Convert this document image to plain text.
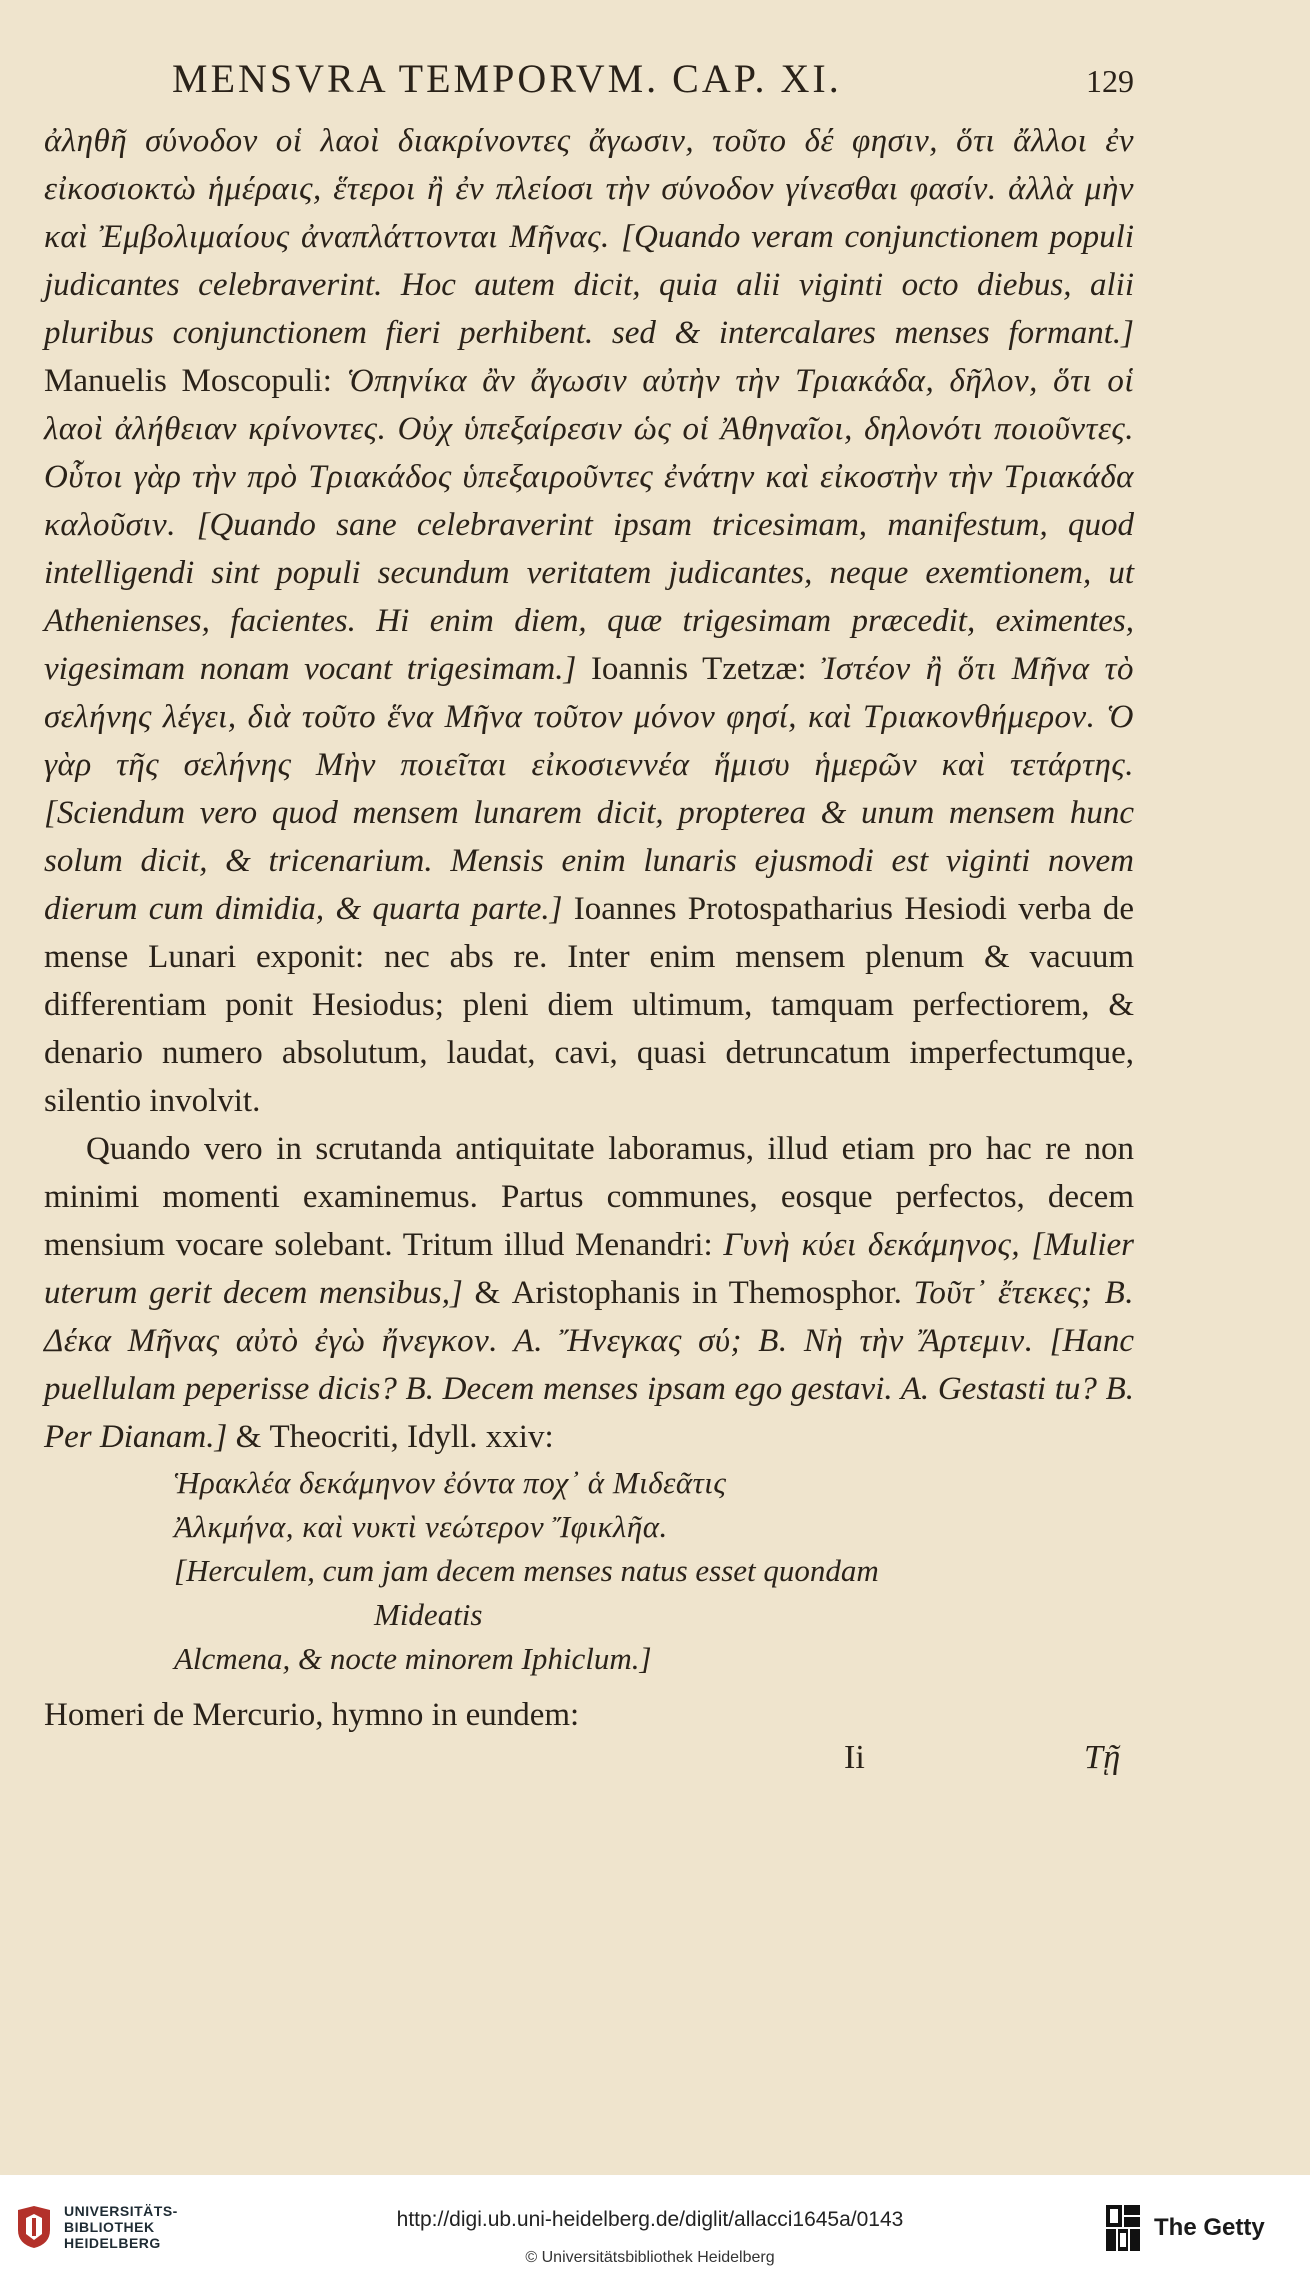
MENSVRA TEMPORVM. CAP. XI.	129

ἀληθῆ σύνοδον οἱ λαοὶ διακρίνοντες ἄγωσιν, τοῦτο δέ φησιν, ὅτι ἄλλοι ἐν εἰκοσιοκτὼ ἡμέραις, ἕτεροι ἢ ἐν πλείοσι τὴν σύνοδον γίνεσθαι φασίν. ἀλλὰ μὴν καὶ Ἐμβολιμαίους ἀναπλάττονται Μῆνας. [Quando veram conjunctionem populi judicantes celebraverint. Hoc autem dicit, quia alii viginti octo diebus, alii pluribus conjunctionem fieri perhibent. sed & intercalares menses formant.] Manuelis Moscopuli: Ὁπηνίκα ἂν ἄγωσιν αὐτὴν τὴν Τριακάδα, δῆλον, ὅτι οἱ λαοὶ ἀλήθειαν κρίνοντες. Οὐχ ὑπεξαίρεσιν ὡς οἱ Ἀθηναῖοι, δηλονότι ποιοῦντες. Οὗτοι γὰρ τὴν πρὸ Τριακάδος ὑπεξαιροῦντες ἐνάτην καὶ εἰκοστὴν τὴν Τριακάδα καλοῦσιν. [Quando sane celebraverint ipsam tricesimam, manifestum, quod intelligendi sint populi secundum veritatem judicantes, neque exemtionem, ut Athenienses, facientes. Hi enim diem, quæ trigesimam præcedit, eximentes, vigesimam nonam vocant trigesimam.] Ioannis Tzetzæ: Ἰστέον ἢ ὅτι Μῆνα τὸ σελήνης λέγει, διὰ τοῦτο ἕνα Μῆνα τοῦτον μόνον φησί, καὶ Τριακονθήμερον. Ὁ γὰρ τῆς σελήνης Μὴν ποιεῖται εἰκοσιεννέα ἥμισυ ἡμερῶν καὶ τετάρτης. [Sciendum vero quod mensem lunarem dicit, propterea & unum mensem hunc solum dicit, & tricenarium. Mensis enim lunaris ejusmodi est viginti novem dierum cum dimidia, & quarta parte.] Ioannes Protospatharius Hesiodi verba de mense Lunari exponit: nec abs re. Inter enim mensem plenum & vacuum differentiam ponit Hesiodus; pleni diem ultimum, tamquam perfectiorem, & denario numero absolutum, laudat, cavi, quasi detruncatum imperfectumque, silentio involvit.

Quando vero in scrutanda antiquitate laboramus, illud etiam pro hac re non minimi momenti examinemus. Partus communes, eosque perfectos, decem mensium vocare solebant. Tritum illud Menandri: Γυνὴ κύει δεκάμηνος, [Mulier uterum gerit decem mensibus,] & Aristophanis in Themosphor. Τοῦτ᾽ ἔτεκες; Β. Δέκα Μῆνας αὐτὸ ἐγὼ ἤνεγκον. Α. Ἤνεγκας σύ; Β. Νὴ τὴν Ἄρτεμιν. [Hanc puellulam peperisse dicis? B. Decem menses ipsam ego gestavi. A. Gestasti tu? B. Per Dianam.] & Theocriti, Idyll. xxiv:

Ἡρακλέα δεκάμηνον ἐόντα ποχ᾽ ἁ Μιδεᾶτις
Ἀλκμήνα, καὶ νυκτὶ νεώτερον Ἴφικλῆα.
[Herculem, cum jam decem menses natus esset quondam
Mideatis
Alcmena, & nocte minorem Iphiclum.]

Homeri de Mercurio, hymno in eundem:

Ii	Τῇ
UNIVERSITÄTS-
BIBLIOTHEK
HEIDELBERG
http://digi.ub.uni-heidelberg.de/diglit/allacci1645a/0143
© Universitätsbibliothek Heidelberg
The Getty
